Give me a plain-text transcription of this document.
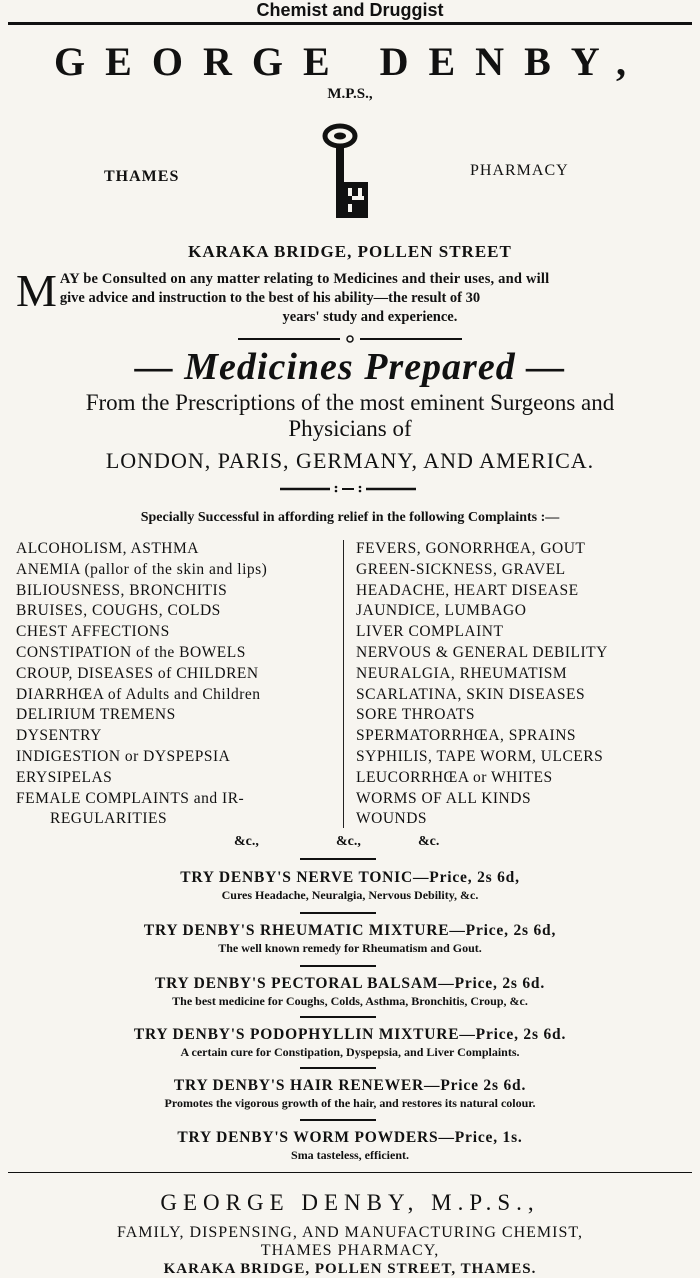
Chemist and Druggist
GEORGE DENBY,
M.P.S.,
THAMES	PHARMACY
KARAKA BRIDGE, POLLEN STREET
M AY be Consulted on any matter relating to Medicines and their uses, and will
give advice and instruction to the best of his ability—the result of 30
years' study and experience.
— Medicines Prepared —
From the Prescriptions of the most eminent Surgeons and
Physicians of
LONDON, PARIS, GERMANY, AND AMERICA.
Specially Successful in affording relief in the following Complaints :—
ALCOHOLISM, ASTHMA
ANEMIA (pallor of the skin and lips)
BILIOUSNESS, BRONCHITIS
BRUISES, COUGHS, COLDS
CHEST AFFECTIONS
CONSTIPATION of the BOWELS
CROUP, DISEASES of CHILDREN
DIARRHŒA of Adults and Children
DELIRIUM TREMENS
DYSENTRY
INDIGESTION or DYSPEPSIA
ERYSIPELAS
FEMALE COMPLAINTS and IR-
REGULARITIES
FEVERS, GONORRHŒA, GOUT
GREEN-SICKNESS, GRAVEL
HEADACHE, HEART DISEASE
JAUNDICE, LUMBAGO
LIVER COMPLAINT
NERVOUS & GENERAL DEBILITY
NEURALGIA, RHEUMATISM
SCARLATINA, SKIN DISEASES
SORE THROATS
SPERMATORRHŒA, SPRAINS
SYPHILIS, TAPE WORM, ULCERS
LEUCORRHŒA or WHITES
WORMS OF ALL KINDS
WOUNDS
&c.,	&c.,	&c.
TRY DENBY'S NERVE TONIC—Price, 2s 6d,
Cures Headache, Neuralgia, Nervous Debility, &c.
TRY DENBY'S RHEUMATIC MIXTURE—Price, 2s 6d,
The well known remedy for Rheumatism and Gout.
TRY DENBY'S PECTORAL BALSAM—Price, 2s 6d.
The best medicine for Coughs, Colds, Asthma, Bronchitis, Croup, &c.
TRY DENBY'S PODOPHYLLIN MIXTURE—Price, 2s 6d.
A certain cure for Constipation, Dyspepsia, and Liver Complaints.
TRY DENBY'S HAIR RENEWER—Price 2s 6d.
Promotes the vigorous growth of the hair, and restores its natural colour.
TRY DENBY'S WORM POWDERS—Price, 1s.
Sma tasteless, efficient.
GEORGE DENBY, M.P.S.,
FAMILY, DISPENSING, AND MANUFACTURING CHEMIST,
THAMES PHARMACY,
KARAKA BRIDGE, POLLEN STREET, THAMES.
